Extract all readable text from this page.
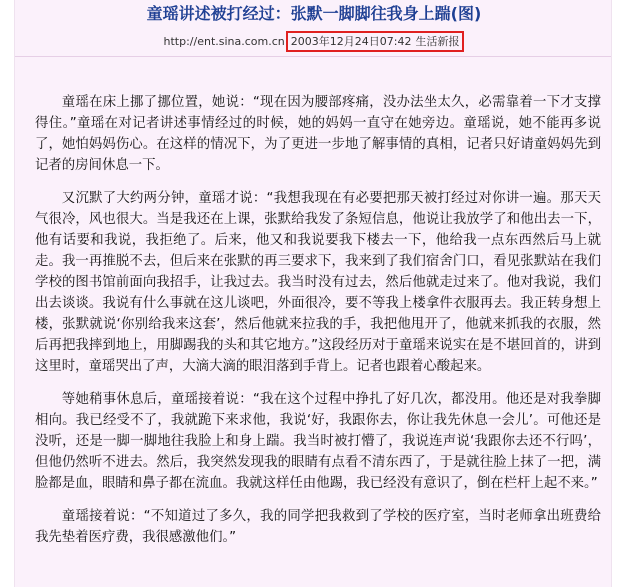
童瑶讲述被打经过：张默一脚脚往我身上踹(图)
http://ent.sina.com.cn 2003年12月24日07:42 生活新报

童瑶在床上挪了挪位置，她说：“现在因为腰部疼痛，没办法坐太久，必需靠着一下才支撑得住。”童瑶在对记者讲述事情经过的时候，她的妈妈一直守在她旁边。童瑶说，她不能再多说了，她怕妈妈伤心。在这样的情况下，为了更进一步地了解事情的真相，记者只好请童妈妈先到记者的房间休息一下。

又沉默了大约两分钟，童瑶才说：“我想我现在有必要把那天被打经过对你讲一遍。那天天气很冷，风也很大。当是我还在上课，张默给我发了条短信息，他说让我放学了和他出去一下，他有话要和我说，我拒绝了。后来，他又和我说要我下楼去一下，他给我一点东西然后马上就走。我一再推脱不去，但后来在张默的再三要求下，我来到了我们宿舍门口，看见张默站在我们学校的图书馆前面向我招手，让我过去。我当时没有过去，然后他就走过来了。他对我说，我们出去谈谈。我说有什么事就在这儿谈吧，外面很冷，要不等我上楼拿件衣服再去。我正转身想上楼，张默就说‘你别给我来这套’，然后他就来拉我的手，我把他甩开了，他就来抓我的衣服，然后再把我摔到地上，用脚踢我的头和其它地方。”这段经历对于童瑶来说实在是不堪回首的，讲到这里时，童瑶哭出了声，大滴大滴的眼泪落到手背上。记者也跟着心酸起来。

等她稍事休息后，童瑶接着说：“我在这个过程中挣扎了好几次，都没用。他还是对我拳脚相向。我已经受不了，我就跪下来求他，我说‘好，我跟你去，你让我先休息一会儿’。可他还是没听，还是一脚一脚地往我脸上和身上踹。我当时被打懵了，我说连声说‘我跟你去还不行吗’，但他仍然听不进去。然后，我突然发现我的眼睛有点看不清东西了，于是就往脸上抹了一把，满脸都是血，眼睛和鼻子都在流血。我就这样任由他踢，我已经没有意识了，倒在栏杆上起不来。”

童瑶接着说：“不知道过了多久，我的同学把我救到了学校的医疗室，当时老师拿出班费给我先垫着医疗费，我很感激他们。”
